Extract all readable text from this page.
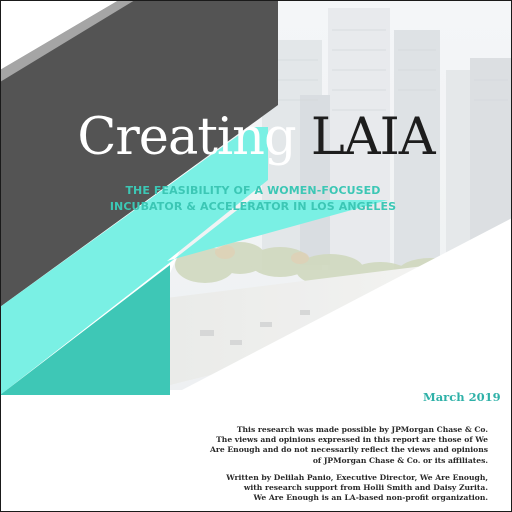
Creating LAIA
THE FEASIBILITY OF A WOMEN-FOCUSED
INCUBATOR & ACCELERATOR IN LOS ANGELES
March 2019
This research was made possible by JPMorgan Chase & Co.
The views and opinions expressed in this report are those of We
Are Enough and do not necessarily reflect the views and opinions
of JPMorgan Chase & Co. or its affiliates.
Written by Delilah Panio, Executive Director, We Are Enough,
with research support from Holli Smith and Daisy Zurita.
We Are Enough is an LA-based non-profit organization.
